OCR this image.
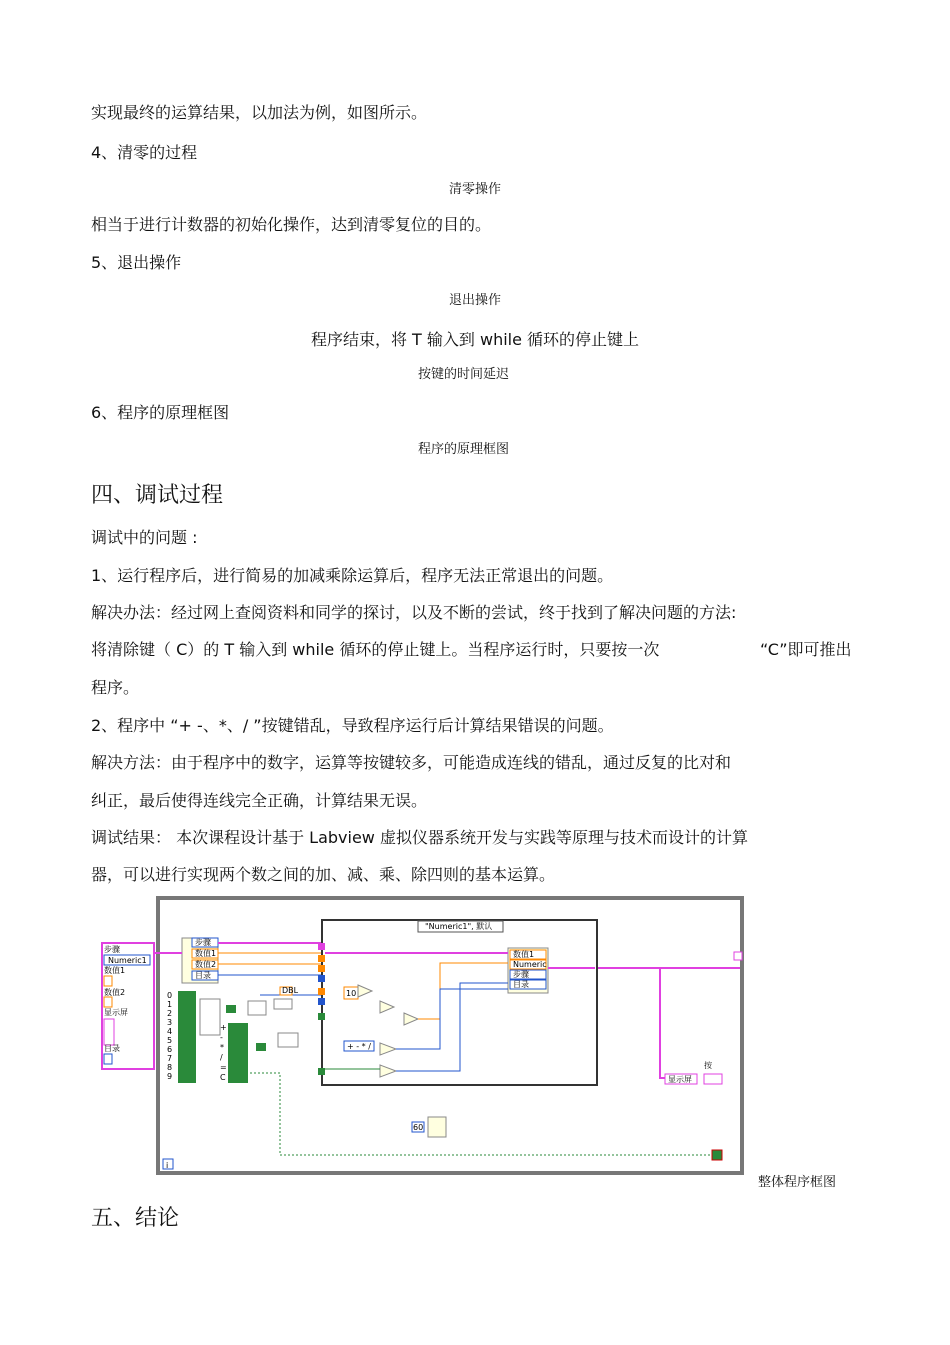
实现最终的运算结果，以加法为例，如图所示。
4、清零的过程
清零操作
相当于进行计数器的初始化操作，达到清零复位的目的。
5、退出操作
退出操作
程序结束，将 T 输入到 while 循环的停止键上
按键的时间延迟
6、程序的原理框图
程序的原理框图
四、调试过程
调试中的问题 :
1、运行程序后，进行简易的加减乘除运算后，程序无法正常退出的问题。
解决办法：经过网上查阅资料和同学的探讨，以及不断的尝试，终于找到了解决问题的方法:
将清除键（ C）的 T 输入到 while 循环的停止键上。当程序运行时，只要按一次	“C”即可推出
程序。
2、程序中 “+ -、*、/ ”按键错乱，导致程序运行后计算结果错误的问题。
解决方法：由于程序中的数字，运算等按键较多，可能造成连线的错乱，通过反复的比对和
纠正，最后使得连线完全正确，计算结果无误。
调试结果： 本次课程设计基于 Labview 虚拟仪器系统开发与实践等原理与技术而设计的计算
器，可以进行实现两个数之间的加、减、乘、除四则的基本运算。
i
步骤
Numeric1
数值1
数值2
显示屏
目录
步骤
数值1
数值2
目录
0
1
2
3
4
5
6
7
8
9
+
-
*
/
=
C
DBL
"Numeric1", 默认
10
+ - * /
数值1
Numeric
步骤
目录
显示屏
按
60
整体程序框图
五、结论
